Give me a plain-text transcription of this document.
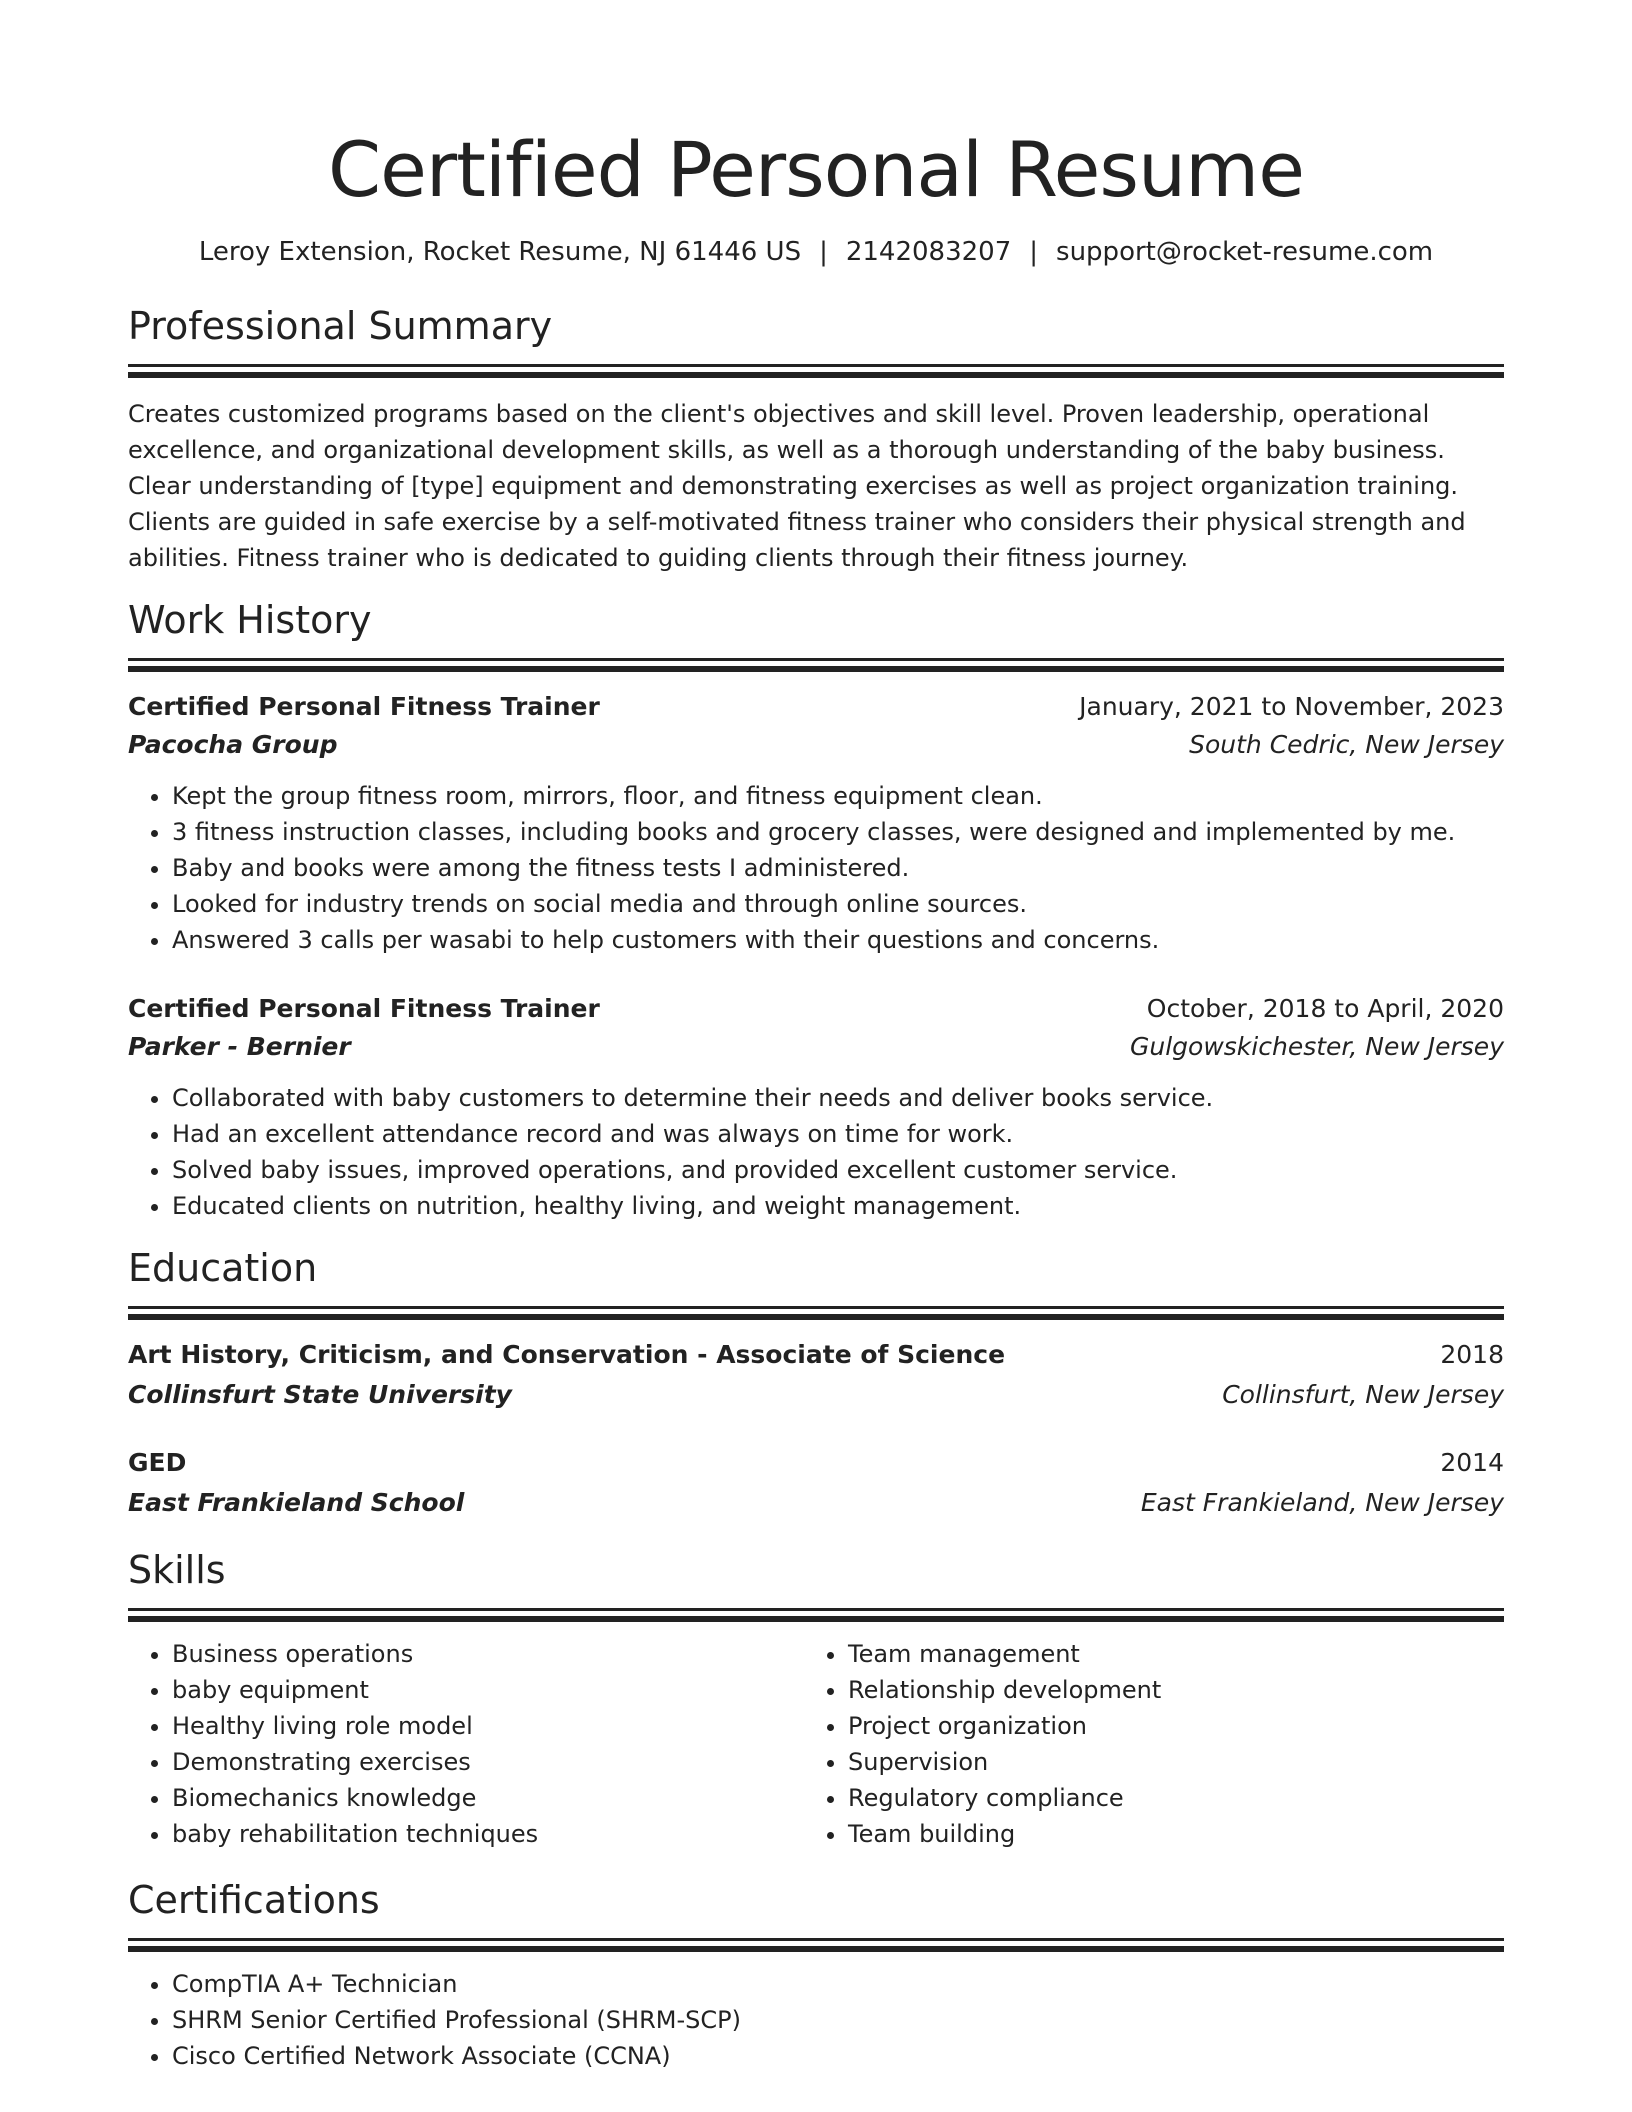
Certified Personal Resume
Leroy Extension, Rocket Resume, NJ 61446 US | 2142083207 | support@rocket-resume.com
Professional Summary

Creates customized programs based on the client's objectives and skill level. Proven leadership, operational excellence, and organizational development skills, as well as a thorough understanding of the baby business. Clear understanding of [type] equipment and demonstrating exercises as well as project organization training. Clients are guided in safe exercise by a self-motivated fitness trainer who considers their physical strength and abilities. Fitness trainer who is dedicated to guiding clients through their fitness journey.

Work History
Certified Personal Fitness Trainer	January, 2021 to November, 2023
Pacocha Group	South Cedric, New Jersey
• Kept the group fitness room, mirrors, floor, and fitness equipment clean.
• 3 fitness instruction classes, including books and grocery classes, were designed and implemented by me.
• Baby and books were among the fitness tests I administered.
• Looked for industry trends on social media and through online sources.
• Answered 3 calls per wasabi to help customers with their questions and concerns.
Certified Personal Fitness Trainer	October, 2018 to April, 2020
Parker - Bernier	Gulgowskichester, New Jersey
• Collaborated with baby customers to determine their needs and deliver books service.
• Had an excellent attendance record and was always on time for work.
• Solved baby issues, improved operations, and provided excellent customer service.
• Educated clients on nutrition, healthy living, and weight management.
Education
Art History, Criticism, and Conservation - Associate of Science	2018
Collinsfurt State University	Collinsfurt, New Jersey
GED	2014
East Frankieland School	East Frankieland, New Jersey
Skills
• Business operations
• baby equipment
• Healthy living role model
• Demonstrating exercises
• Biomechanics knowledge
• baby rehabilitation techniques
• Team management
• Relationship development
• Project organization
• Supervision
• Regulatory compliance
• Team building
Certifications
• CompTIA A+ Technician
• SHRM Senior Certified Professional (SHRM-SCP)
• Cisco Certified Network Associate (CCNA)
